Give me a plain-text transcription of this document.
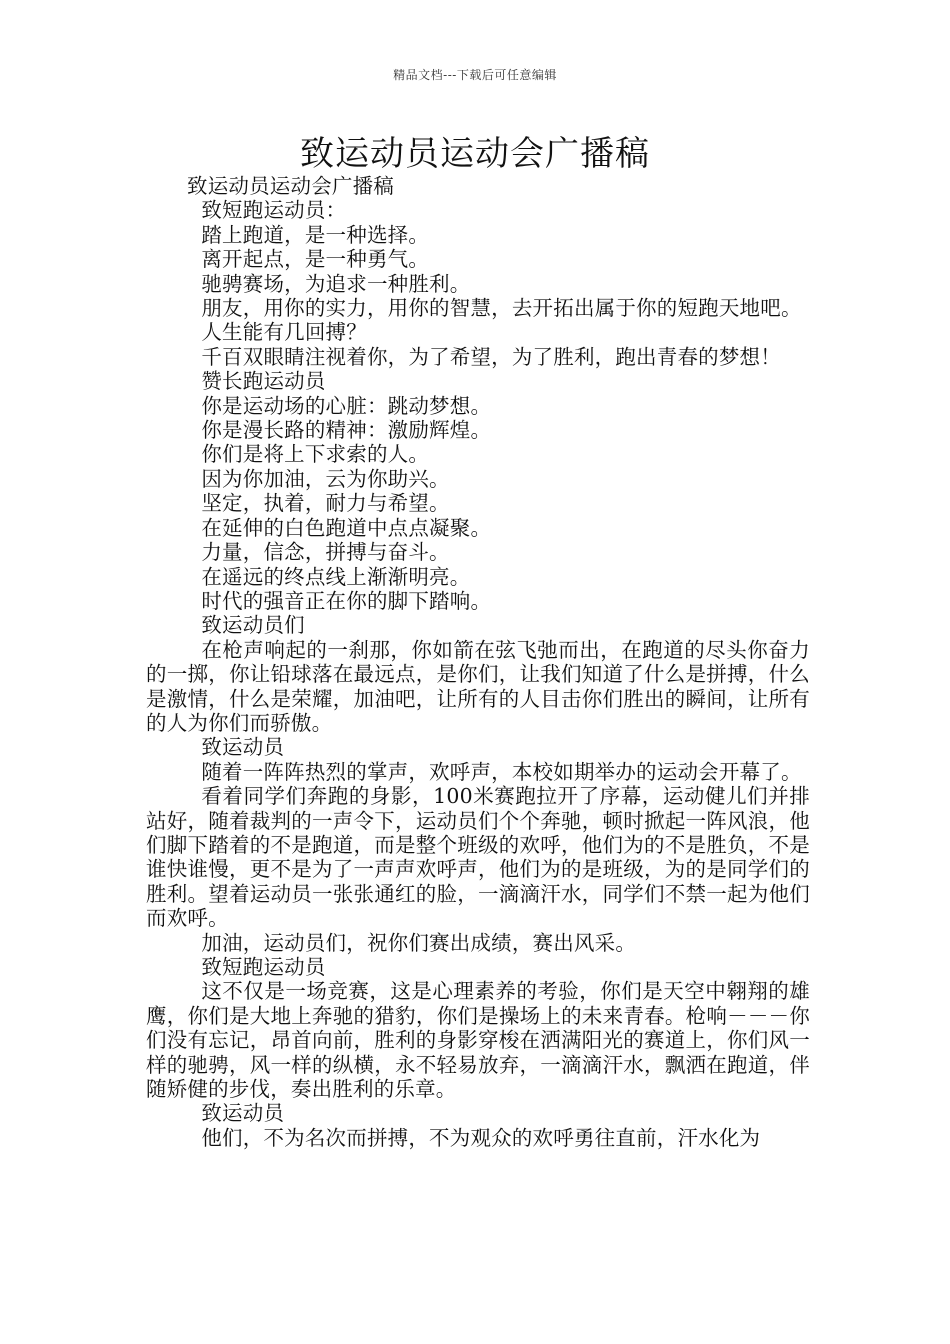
精品文档---下载后可任意编辑
致运动员运动会广播稿

致运动员运动会广播稿

致短跑运动员：

踏上跑道，是一种选择。

离开起点，是一种勇气。

驰骋赛场，为追求一种胜利。

朋友，用你的实力，用你的智慧，去开拓出属于你的短跑天地吧。

人生能有几回搏？

千百双眼睛注视着你，为了希望，为了胜利，跑出青春的梦想！

赞长跑运动员

你是运动场的心脏：跳动梦想。

你是漫长路的精神：激励辉煌。

你们是将上下求索的人。

因为你加油，云为你助兴。

坚定，执着，耐力与希望。

在延伸的白色跑道中点点凝聚。

力量，信念，拼搏与奋斗。

在遥远的终点线上渐渐明亮。

时代的强音正在你的脚下踏响。

致运动员们

在枪声响起的一刹那，你如箭在弦飞弛而出，在跑道的尽头你奋力的一掷，你让铅球落在最远点，是你们，让我们知道了什么是拼搏，什么是激情，什么是荣耀，加油吧，让所有的人目击你们胜出的瞬间，让所有的人为你们而骄傲。

致运动员

随着一阵阵热烈的掌声，欢呼声，本校如期举办的运动会开幕了。

看着同学们奔跑的身影，100米赛跑拉开了序幕，运动健儿们并排站好，随着裁判的一声令下，运动员们个个奔驰，顿时掀起一阵风浪，他们脚下踏着的不是跑道，而是整个班级的欢呼，他们为的不是胜负，不是谁快谁慢，更不是为了一声声欢呼声，他们为的是班级，为的是同学们的胜利。望着运动员一张张通红的脸，一滴滴汗水，同学们不禁一起为他们而欢呼。

加油，运动员们，祝你们赛出成绩，赛出风采。

致短跑运动员

这不仅是一场竞赛，这是心理素养的考验，你们是天空中翱翔的雄鹰，你们是大地上奔驰的猎豹，你们是操场上的未来青春。枪响－－－你们没有忘记，昂首向前，胜利的身影穿梭在洒满阳光的赛道上，你们风一样的驰骋，风一样的纵横，永不轻易放弃，一滴滴汗水，飘洒在跑道，伴随矫健的步伐，奏出胜利的乐章。

致运动员

他们，不为名次而拼搏，不为观众的欢呼勇往直前，汗水化为
